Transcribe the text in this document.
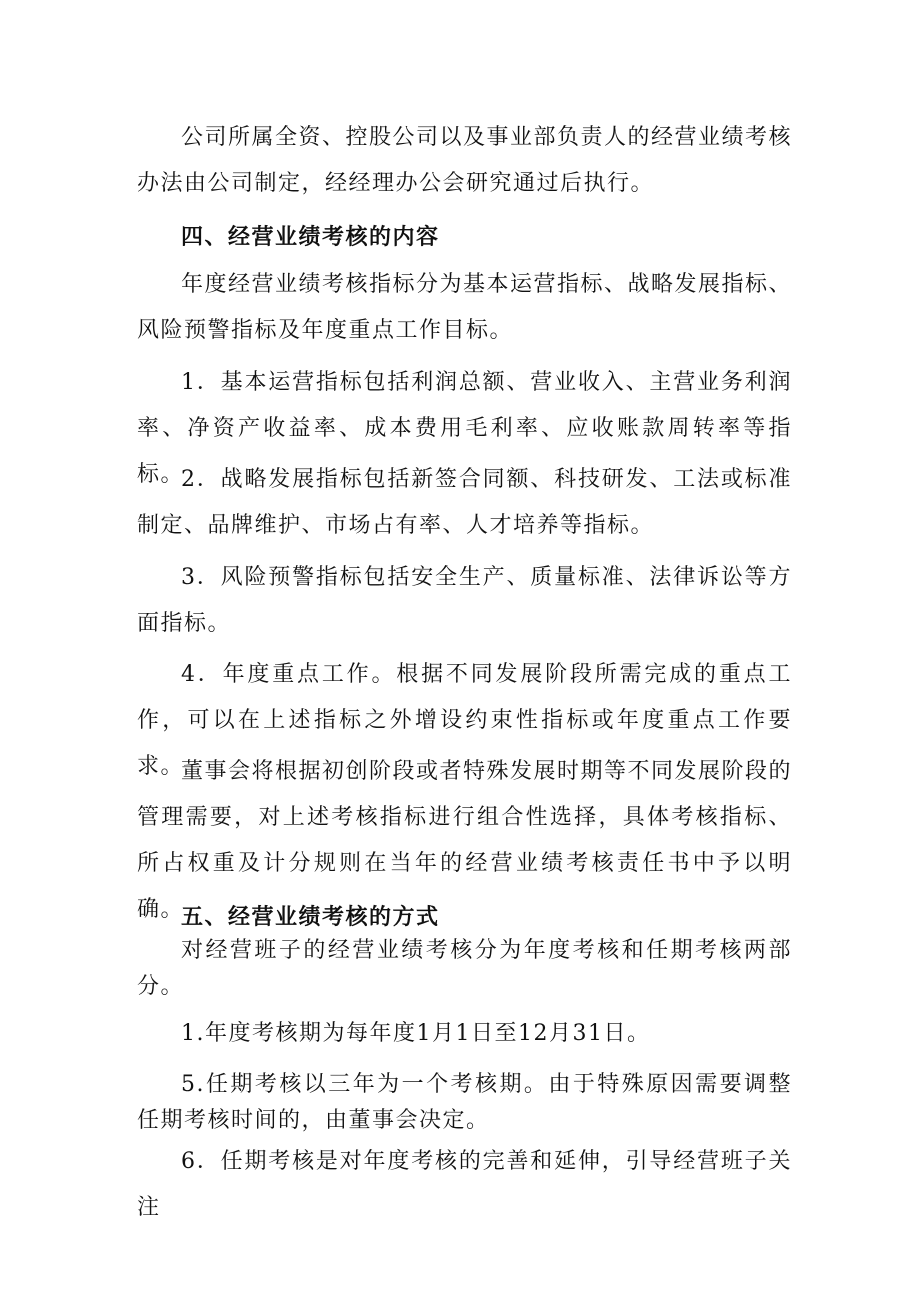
公司所属全资、控股公司以及事业部负责人的经营业绩考核办法由公司制定，经经理办公会研究通过后执行。

四、经营业绩考核的内容

年度经营业绩考核指标分为基本运营指标、战略发展指标、风险预警指标及年度重点工作目标。

1．基本运营指标包括利润总额、营业收入、主营业务利润率、净资产收益率、成本费用毛利率、应收账款周转率等指标。

2．战略发展指标包括新签合同额、科技研发、工法或标准制定、品牌维护、市场占有率、人才培养等指标。

3．风险预警指标包括安全生产、质量标准、法律诉讼等方面指标。

4．年度重点工作。根据不同发展阶段所需完成的重点工作，可以在上述指标之外增设约束性指标或年度重点工作要求。

董事会将根据初创阶段或者特殊发展时期等不同发展阶段的管理需要，对上述考核指标进行组合性选择，具体考核指标、所占权重及计分规则在当年的经营业绩考核责任书中予以明确。

五、经营业绩考核的方式

对经营班子的经营业绩考核分为年度考核和任期考核两部分。

1.年度考核期为每年度1月1日至12月31日。

5.任期考核以三年为一个考核期。由于特殊原因需要调整任期考核时间的，由董事会决定。

6．任期考核是对年度考核的完善和延伸，引导经营班子关注
